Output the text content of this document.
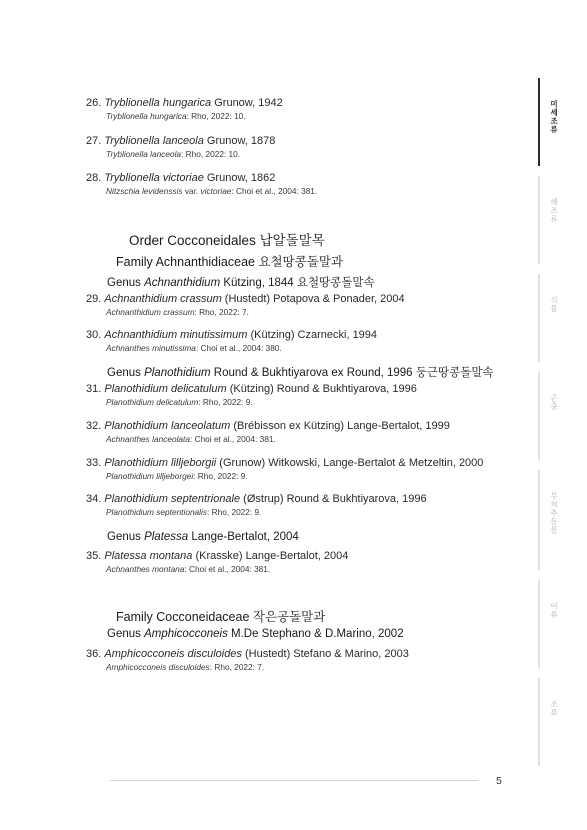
26. Tryblionella hungarica Grunow, 1942
Tryblionella hungarica: Rho, 2022: 10.
27. Tryblionella lanceola Grunow, 1878
Tryblionella lanceola: Rho, 2022: 10.
28. Tryblionella victoriae Grunow, 1862
Nitzschia levidenssis var. victoriae: Choi et al., 2004: 381.
Order Cocconeidales 납알돌말목
Family Achnanthidiaceae 요철땅콩돌말과
Genus Achnanthidium Kützing, 1844 요철땅콩돌말속
29. Achnanthidium crassum (Hustedt) Potapova & Ponader, 2004
Achnanthidium crassum: Rho, 2022: 7.
30. Achnanthidium minutissimum (Kützing) Czarnecki, 1994
Achnanthes minutissima: Choi et al., 2004: 380.
Genus Planothidium Round & Bukhtiyarova ex Round, 1996 둥근땅콩돌말속
31. Planothidium delicatulum (Kützing) Round & Bukhtiyarova, 1996
Planothidium delicatulum: Rho, 2022: 9.
32. Planothidium lanceolatum (Brébisson ex Kützing) Lange-Bertalot, 1999
Achnanthes lanceolata: Choi et al., 2004: 381.
33. Planothidium lilljeborgii (Grunow) Witkowski, Lange-Bertalot & Metzeltin, 2000
Planothidium lilljeborgei: Rho, 2022: 9.
34. Planothidium septentrionale (Østrup) Round & Bukhtiyarova, 1996
Planothidium septentionalis: Rho, 2022: 9.
Genus Platessa Lange-Bertalot, 2004
35. Platessa montana (Krasske) Lange-Bertalot, 2004
Achnanthes montana: Choi et al., 2004: 381.
Family Cocconeidaceae 작은공돌말과
Genus Amphicocconeis M.De Stephano & D.Marino, 2002
36. Amphicocconeis disculoides (Hustedt) Stefano & Marino, 2003
Amphicocconeis disculoides: Rho, 2022: 7.
미세조류
해조류
식물
곤충
무척추동물
어류
조류
5
